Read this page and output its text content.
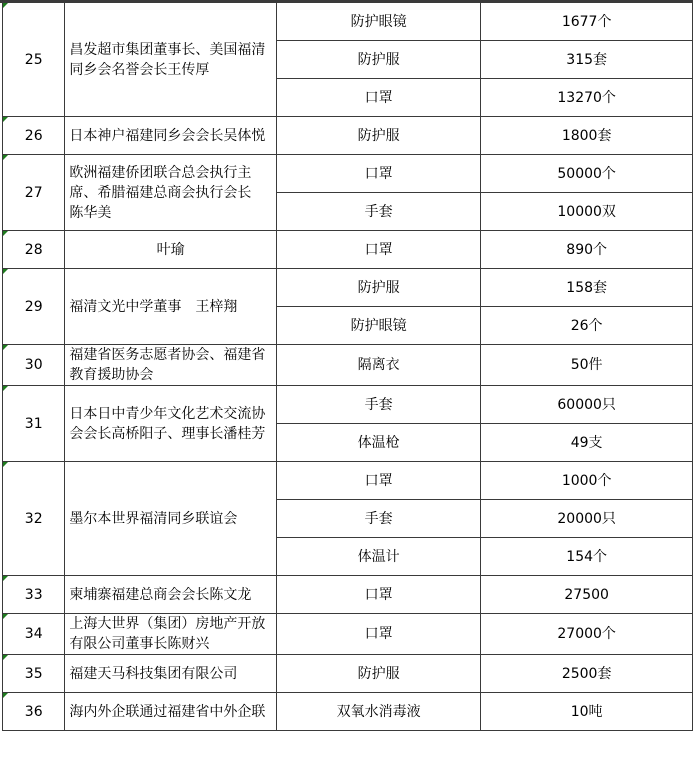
25	昌发超市集团董事长、美国福清同乡会名誉会长王传厚	防护眼镜	1677个
		防护服	315套
		口罩	13270个

26	日本神户福建同乡会会长吴体悦	防护服	1800套

27	欧洲福建侨团联合总会执行主席、希腊福建总商会执行会长　陈华美	口罩	50000个
		手套	10000双

28	叶瑜	口罩	890个

29	福清文光中学董事　王梓翔	防护服	158套
		防护眼镜	26个

30	福建省医务志愿者协会、福建省教育援助协会	隔离衣	50件

31	日本日中青少年文化艺术交流协会会长高桥阳子、理事长潘桂芳	手套	60000只
		体温枪	49支

32	墨尔本世界福清同乡联谊会	口罩	1000个
		手套	20000只
		体温计	154个

33	柬埔寨福建总商会会长陈文龙	口罩	27500

34	上海大世界（集团）房地产开放有限公司董事长陈财兴	口罩	27000个

35	福建天马科技集团有限公司	防护服	2500套

36	海内外企联通过福建省中外企联	双氧水消毒液	10吨
